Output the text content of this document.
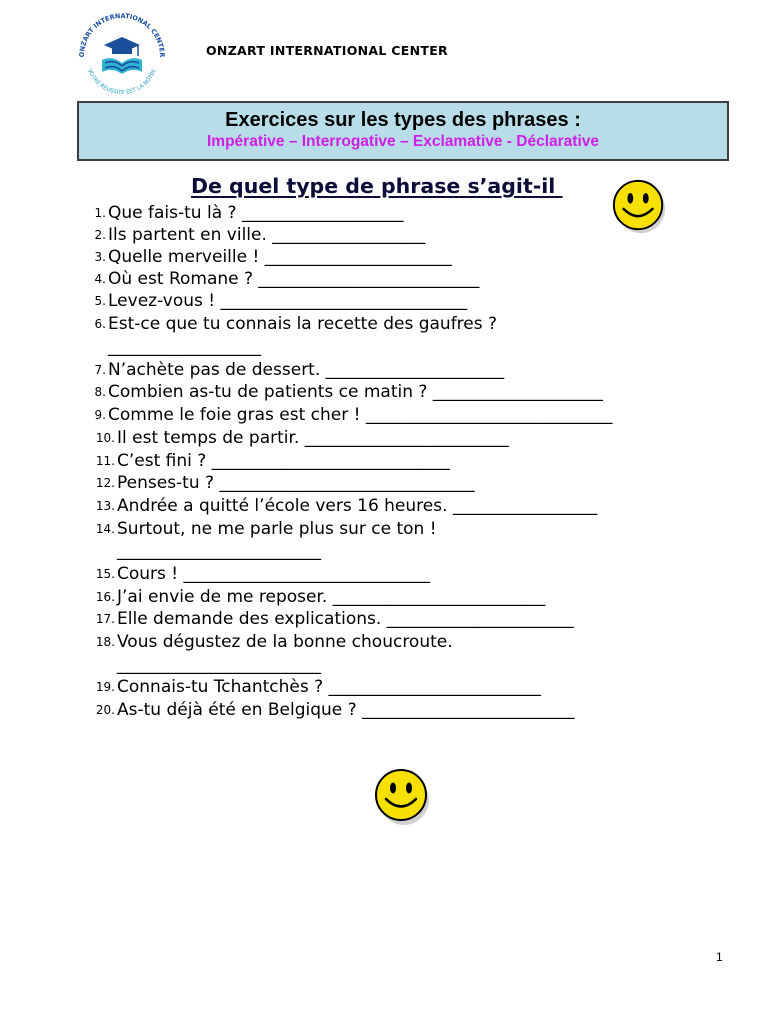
ONZART INTERNATIONAL CENTER
VOTRE RÉUSSITE EST LA NÔTRE
ONZART INTERNATIONAL CENTER
Exercices sur les types des phrases :
Impérative – Interrogative – Exclamative - Déclarative
De quel type de phrase s’agit-il
1. Que fais-tu là ? ___________________
2. Ils partent en ville. __________________
3. Quelle merveille ! ______________________
4. Où est Romane ? __________________________
5. Levez-vous ! _____________________________
6. Est-ce que tu connais la recette des gaufres ?
__________________
7. N’achète pas de dessert. _____________________
8. Combien as-tu de patients ce matin ? ____________________
9. Comme le foie gras est cher ! _____________________________
10. Il est temps de partir. ________________________
11. C’est fini ? ____________________________
12. Penses-tu ? ______________________________
13. Andrée a quitté l’école vers 16 heures. _________________
14. Surtout, ne me parle plus sur ce ton !
________________________
15. Cours ! _____________________________
16. J’ai envie de me reposer. _________________________
17. Elle demande des explications. ______________________
18. Vous dégustez de la bonne choucroute.
________________________
19. Connais-tu Tchantchès ? _________________________
20. As-tu déjà été en Belgique ? _________________________
1
